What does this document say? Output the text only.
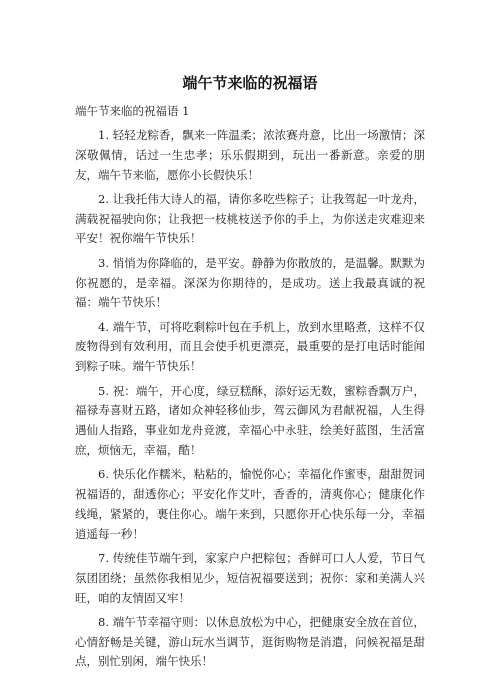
端午节来临的祝福语

端午节来临的祝福语 1

1. 轻轻龙粽香，飘来一阵温柔；浓浓赛舟意，比出一场激情；深深敬佩情，话过一生忠孝；乐乐假期到，玩出一番新意。亲爱的朋友，端午节来临，愿你小长假快乐！

2. 让我托伟大诗人的福，请你多吃些粽子；让我驾起一叶龙舟，满载祝福驶向你；让我把一枝桃枝送予你的手上，为你送走灾难迎来平安！祝你端午节快乐！

3. 悄悄为你降临的，是平安。静静为你散放的，是温馨。默默为你祝愿的，是幸福。深深为你期待的，是成功。送上我最真诚的祝福：端午节快乐！

4. 端午节，可将吃剩粽叶包在手机上，放到水里略煮，这样不仅废物得到有效利用，而且会使手机更漂亮，最重要的是打电话时能闻到粽子味。端午节快乐！

5. 祝：端午，开心度，绿豆糕酥，添好运无数，蜜粽香飘万户，福禄寿喜财五路，诸如众神轻移仙步，驾云御风为君献祝福，人生得遇仙人指路，事业如龙舟竞渡，幸福心中永驻，绘美好蓝图，生活富庶，烦恼无，幸福，酷！

6. 快乐化作糯米，粘粘的，愉悦你心；幸福化作蜜枣，甜甜贺词祝福语的，甜透你心；平安化作艾叶，香香的，清爽你心；健康化作线绳，紧紧的，裹住你心。端午来到，只愿你开心快乐每一分，幸福逍遥每一秒！

7. 传统佳节端午到，家家户户把粽包；香鲜可口人人爱，节日气氛团团绕；虽然你我相见少，短信祝福要送到；祝你：家和美满人兴旺，咱的友情固又牢！

8. 端午节幸福守则：以休息放松为中心，把健康安全放在首位，心情舒畅是关键，游山玩水当调节，逛街购物是消遣，问候祝福是甜点，别忙别闲，端午快乐！
